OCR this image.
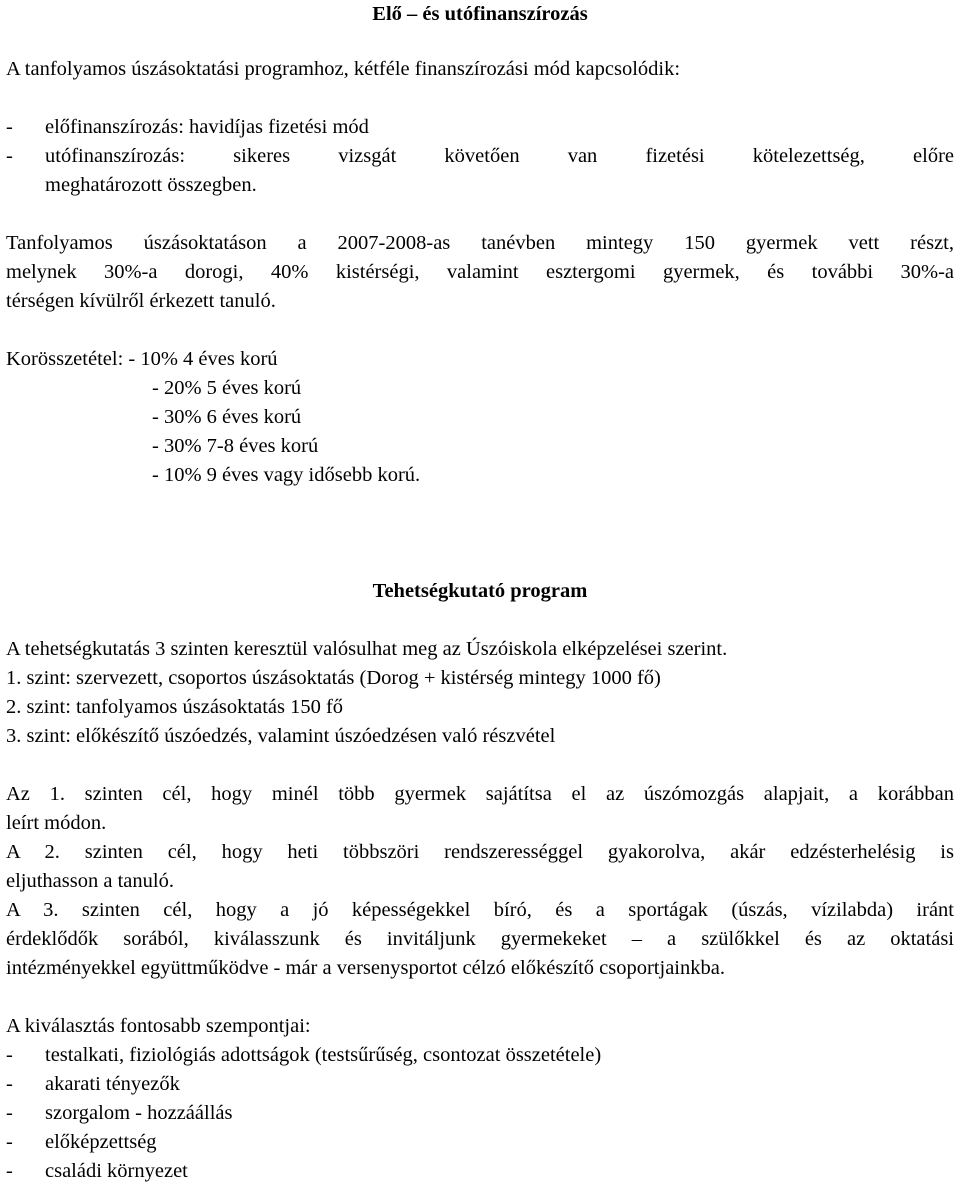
Elő – és utófinanszírozás
A tanfolyamos úszásoktatási programhoz, kétféle finanszírozási mód kapcsolódik:
- előfinanszírozás: havidíjas fizetési mód
- utófinanszírozás: sikeres vizsgát követően van fizetési kötelezettség, előre
meghatározott összegben.
Tanfolyamos úszásoktatáson a 2007-2008-as tanévben mintegy 150 gyermek vett részt,
melynek 30%-a dorogi, 40% kistérségi, valamint esztergomi gyermek, és további 30%-a
térségen kívülről érkezett tanuló.
Korösszetétel: - 10% 4 éves korú
- 20% 5 éves korú
- 30% 6 éves korú
- 30% 7-8 éves korú
- 10% 9 éves vagy idősebb korú.
Tehetségkutató program
A tehetségkutatás 3 szinten keresztül valósulhat meg az Úszóiskola elképzelései szerint.
1. szint: szervezett, csoportos úszásoktatás (Dorog + kistérség mintegy 1000 fő)
2. szint: tanfolyamos úszásoktatás 150 fő
3. szint: előkészítő úszóedzés, valamint úszóedzésen való részvétel
Az 1. szinten cél, hogy minél több gyermek sajátítsa el az úszómozgás alapjait, a korábban
leírt módon.
A 2. szinten cél, hogy heti többszöri rendszerességgel gyakorolva, akár edzésterhelésig is
eljuthasson a tanuló.
A 3. szinten cél, hogy a jó képességekkel bíró, és a sportágak (úszás, vízilabda) iránt
érdeklődők sorából, kiválasszunk és invitáljunk gyermekeket – a szülőkkel és az oktatási
intézményekkel együttműködve - már a versenysportot célzó előkészítő csoportjainkba.
A kiválasztás fontosabb szempontjai:
- testalkati, fiziológiás adottságok (testsűrűség, csontozat összetétele)
- akarati tényezők
- szorgalom - hozzáállás
- előképzettség
- családi környezet
